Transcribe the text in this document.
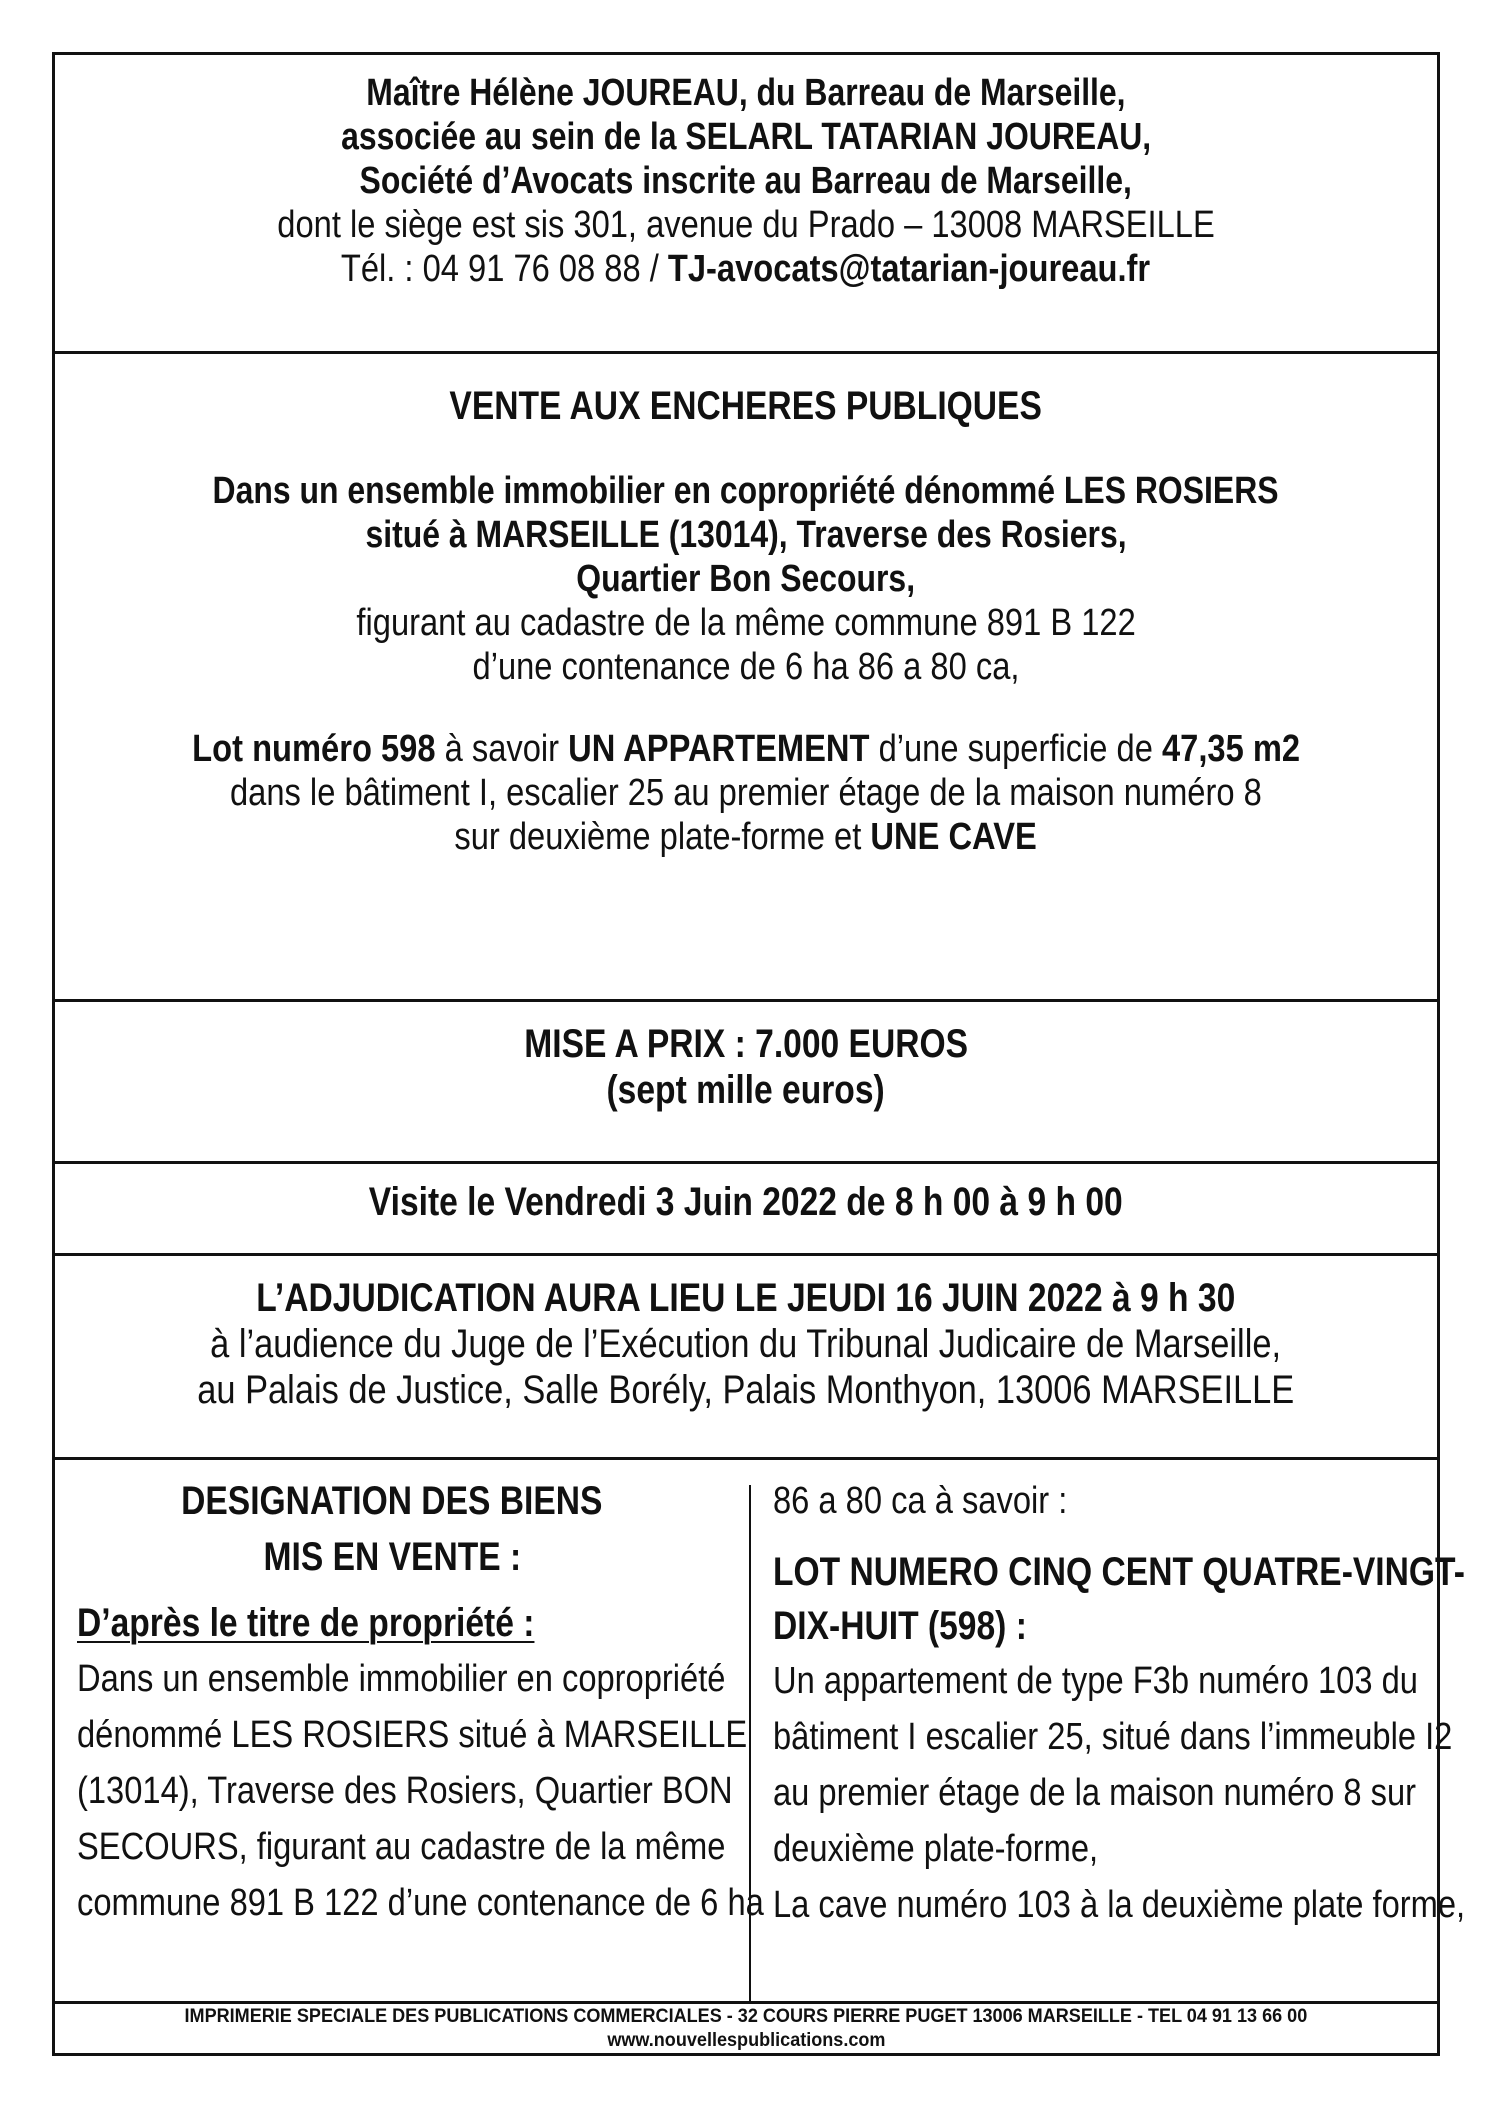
Maître Hélène JOUREAU, du Barreau de Marseille,
associée au sein de la SELARL TATARIAN JOUREAU,
Société d’Avocats inscrite au Barreau de Marseille,
dont le siège est sis 301, avenue du Prado – 13008 MARSEILLE
Tél. : 04 91 76 08 88 / TJ-avocats@tatarian-joureau.fr
VENTE AUX ENCHERES PUBLIQUES
Dans un ensemble immobilier en copropriété dénommé LES ROSIERS
situé à MARSEILLE (13014), Traverse des Rosiers,
Quartier Bon Secours,
figurant au cadastre de la même commune 891 B 122
d’une contenance de 6 ha 86 a 80 ca,
Lot numéro 598 à savoir UN APPARTEMENT d’une superficie de 47,35 m2
dans le bâtiment I, escalier 25 au premier étage de la maison numéro 8
sur deuxième plate-forme et UNE CAVE
MISE A PRIX : 7.000 EUROS
(sept mille euros)
Visite le Vendredi 3 Juin 2022 de 8 h 00 à 9 h 00
L’ADJUDICATION AURA LIEU LE JEUDI 16 JUIN 2022 à 9 h 30
à l’audience du Juge de l’Exécution du Tribunal Judicaire de Marseille,
au Palais de Justice, Salle Borély, Palais Monthyon, 13006 MARSEILLE
DESIGNATION DES BIENS
MIS EN VENTE :
D’après le titre de propriété :
Dans un ensemble immobilier en copropriété
dénommé LES ROSIERS situé à MARSEILLE
(13014), Traverse des Rosiers, Quartier BON
SECOURS, figurant au cadastre de la même
commune 891 B 122 d’une contenance de 6 ha
86 a 80 ca à savoir :
LOT NUMERO CINQ CENT QUATRE-VINGT-
DIX-HUIT (598) :
Un appartement de type F3b numéro 103 du
bâtiment I escalier 25, situé dans l’immeuble I2
au premier étage de la maison numéro 8 sur
deuxième plate-forme,
La cave numéro 103 à la deuxième plate forme,
IMPRIMERIE SPECIALE DES PUBLICATIONS COMMERCIALES - 32 COURS PIERRE PUGET 13006 MARSEILLE - TEL 04 91 13 66 00
www.nouvellespublications.com
